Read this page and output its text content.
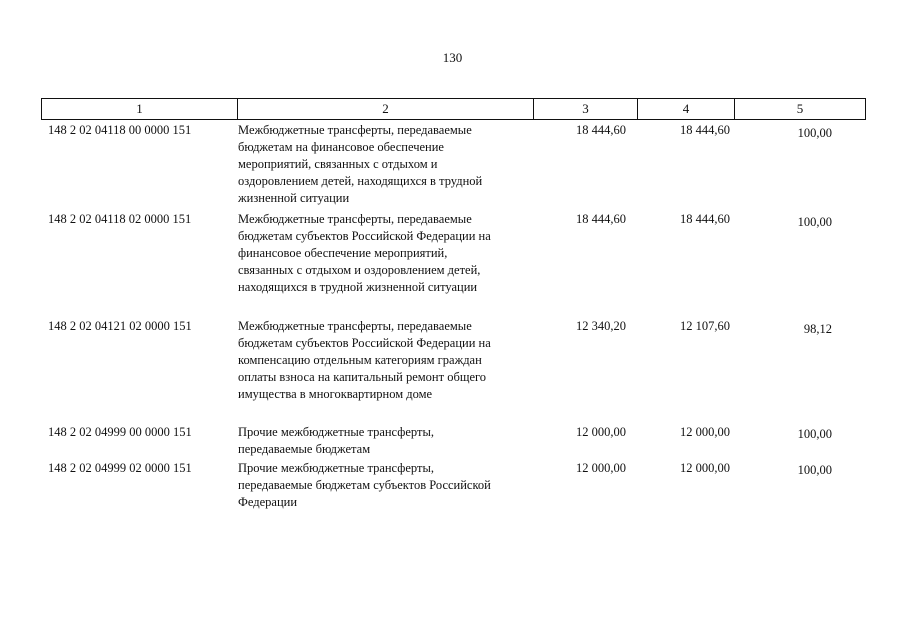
130
1	2	3	4	5
148 2 02 04118 00 0000 151	Межбюджетные трансферты, передаваемые
бюджетам на финансовое обеспечение
мероприятий, связанных с отдыхом и
оздоровлением детей, находящихся в трудной
жизненной ситуации
18 444,60	18 444,60	100,00
148 2 02 04118 02 0000 151	Межбюджетные трансферты, передаваемые
бюджетам субъектов Российской Федерации на
финансовое обеспечение мероприятий,
связанных с отдыхом и оздоровлением детей,
находящихся в трудной жизненной ситуации
18 444,60	18 444,60	100,00
148 2 02 04121 02 0000 151	Межбюджетные трансферты, передаваемые
бюджетам субъектов Российской Федерации на
компенсацию отдельным категориям граждан
оплаты взноса на капитальный ремонт общего
имущества в многоквартирном доме
12 340,20	12 107,60	98,12
148 2 02 04999 00 0000 151	Прочие межбюджетные трансферты,
передаваемые бюджетам
12 000,00	12 000,00	100,00
148 2 02 04999 02 0000 151	Прочие межбюджетные трансферты,
передаваемые бюджетам субъектов Российской
Федерации
12 000,00	12 000,00	100,00
